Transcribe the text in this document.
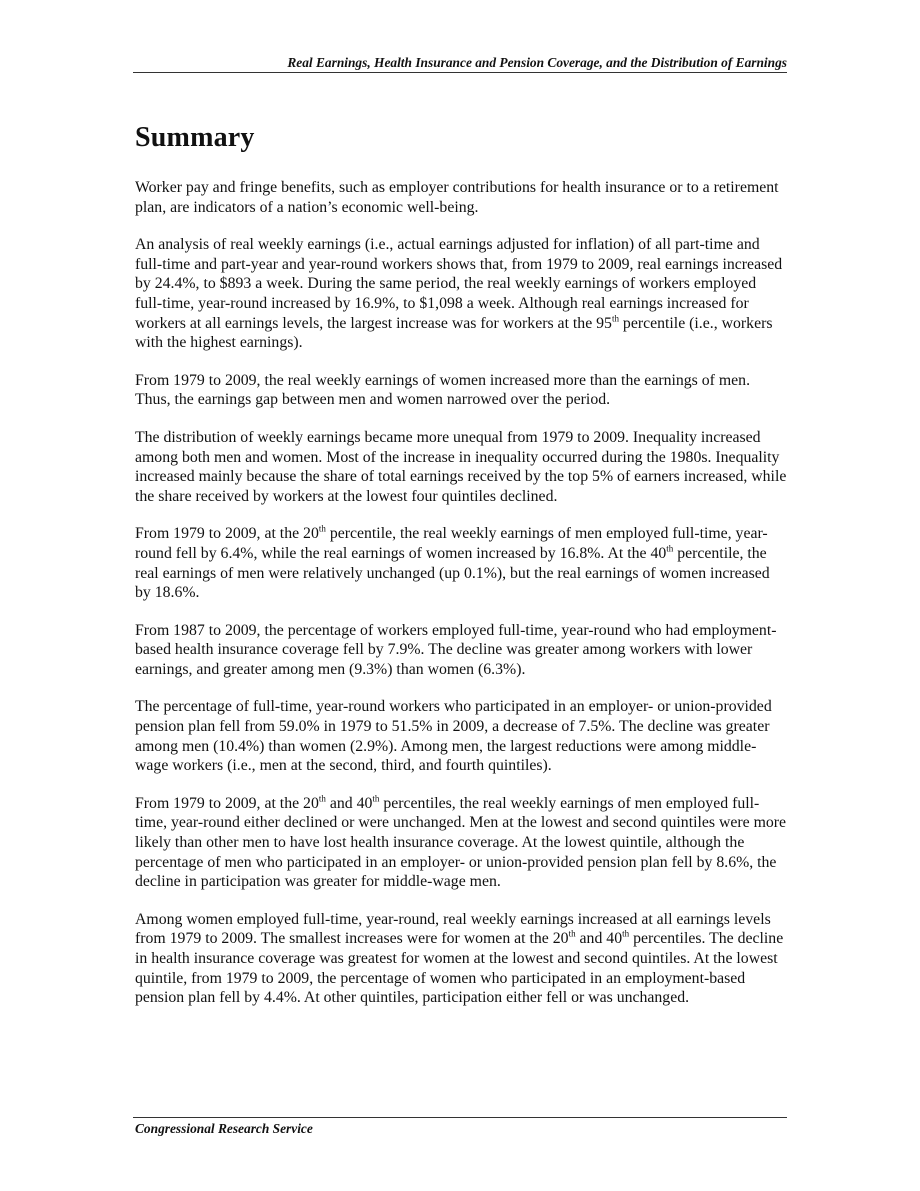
Real Earnings, Health Insurance and Pension Coverage, and the Distribution of Earnings
Summary

Worker pay and fringe benefits, such as employer contributions for health insurance or to a retirement plan, are indicators of a nation’s economic well-being.

An analysis of real weekly earnings (i.e., actual earnings adjusted for inflation) of all part-time and full-time and part-year and year-round workers shows that, from 1979 to 2009, real earnings increased by 24.4%, to $893 a week. During the same period, the real weekly earnings of workers employed full-time, year-round increased by 16.9%, to $1,098 a week. Although real earnings increased for workers at all earnings levels, the largest increase was for workers at the 95th percentile (i.e., workers with the highest earnings).

From 1979 to 2009, the real weekly earnings of women increased more than the earnings of men. Thus, the earnings gap between men and women narrowed over the period.

The distribution of weekly earnings became more unequal from 1979 to 2009. Inequality increased among both men and women. Most of the increase in inequality occurred during the 1980s. Inequality increased mainly because the share of total earnings received by the top 5% of earners increased, while the share received by workers at the lowest four quintiles declined.

From 1979 to 2009, at the 20th percentile, the real weekly earnings of men employed full-time, year-round fell by 6.4%, while the real earnings of women increased by 16.8%. At the 40th percentile, the real earnings of men were relatively unchanged (up 0.1%), but the real earnings of women increased by 18.6%.

From 1987 to 2009, the percentage of workers employed full-time, year-round who had employment-based health insurance coverage fell by 7.9%. The decline was greater among workers with lower earnings, and greater among men (9.3%) than women (6.3%).

The percentage of full-time, year-round workers who participated in an employer- or union-provided pension plan fell from 59.0% in 1979 to 51.5% in 2009, a decrease of 7.5%. The decline was greater among men (10.4%) than women (2.9%). Among men, the largest reductions were among middle-wage workers (i.e., men at the second, third, and fourth quintiles).

From 1979 to 2009, at the 20th and 40th percentiles, the real weekly earnings of men employed full-time, year-round either declined or were unchanged. Men at the lowest and second quintiles were more likely than other men to have lost health insurance coverage. At the lowest quintile, although the percentage of men who participated in an employer- or union-provided pension plan fell by 8.6%, the decline in participation was greater for middle-wage men.

Among women employed full-time, year-round, real weekly earnings increased at all earnings levels from 1979 to 2009. The smallest increases were for women at the 20th and 40th percentiles. The decline in health insurance coverage was greatest for women at the lowest and second quintiles. At the lowest quintile, from 1979 to 2009, the percentage of women who participated in an employment-based pension plan fell by 4.4%. At other quintiles, participation either fell or was unchanged.

Congressional Research Service
